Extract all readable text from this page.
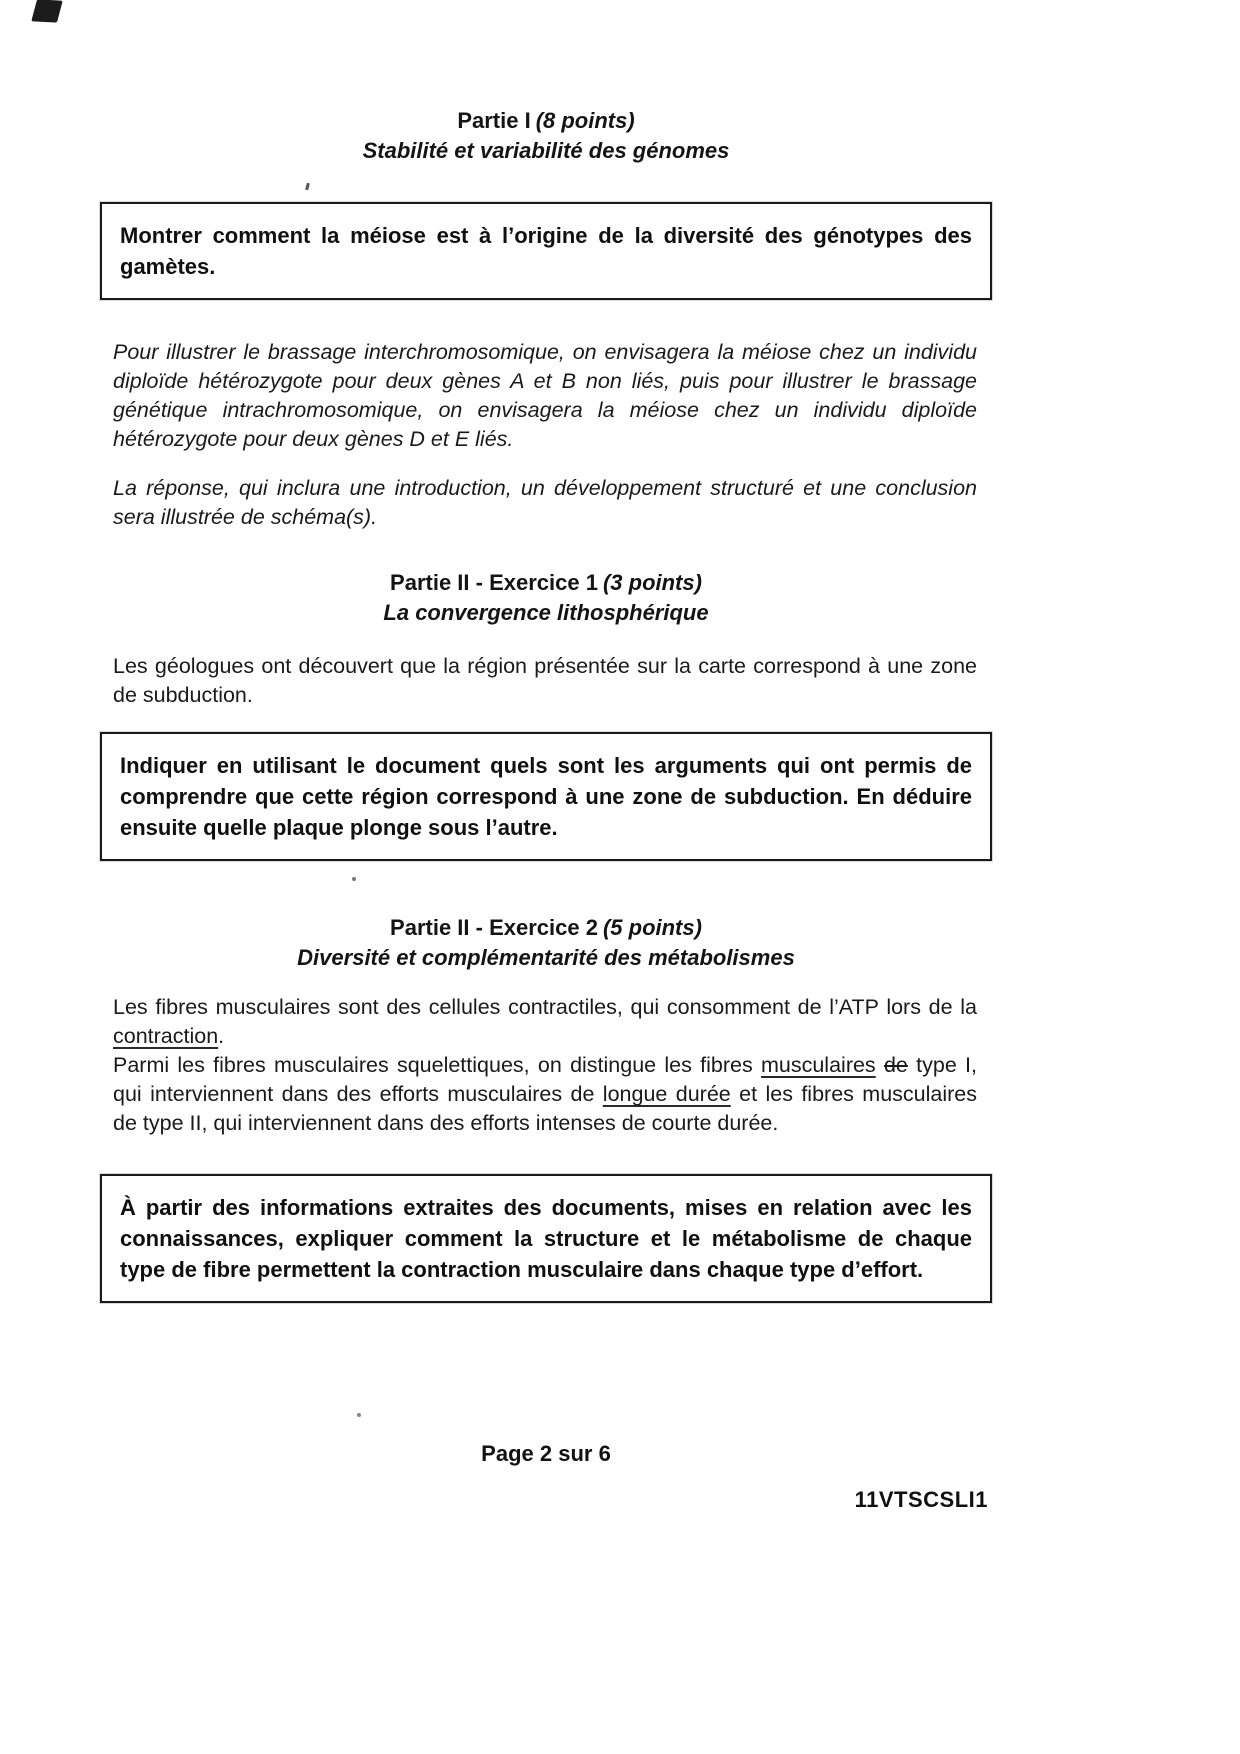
Partie I (8 points)
Stabilité et variabilité des génomes

Montrer comment la méiose est à l’origine de la diversité des génotypes des gamètes.

Pour illustrer le brassage interchromosomique, on envisagera la méiose chez un individu diploïde hétérozygote pour deux gènes A et B non liés, puis pour illustrer le brassage génétique intrachromosomique, on envisagera la méiose chez un individu diploïde hétérozygote pour deux gènes D et E liés.

La réponse, qui inclura une introduction, un développement structuré et une conclusion sera illustrée de schéma(s).

Partie II - Exercice 1 (3 points)
La convergence lithosphérique

Les géologues ont découvert que la région présentée sur la carte correspond à une zone de subduction.

Indiquer en utilisant le document quels sont les arguments qui ont permis de comprendre que cette région correspond à une zone de subduction. En déduire ensuite quelle plaque plonge sous l’autre.

Partie II - Exercice 2 (5 points)
Diversité et complémentarité des métabolismes

Les fibres musculaires sont des cellules contractiles, qui consomment de l’ATP lors de la contraction.

Parmi les fibres musculaires squelettiques, on distingue les fibres musculaires de type I, qui interviennent dans des efforts musculaires de longue durée et les fibres musculaires de type II, qui interviennent dans des efforts intenses de courte durée.

À partir des informations extraites des documents, mises en relation avec les connaissances, expliquer comment la structure et le métabolisme de chaque type de fibre permettent la contraction musculaire dans chaque type d’effort.

Page 2 sur 6
11VTSCSLI1
